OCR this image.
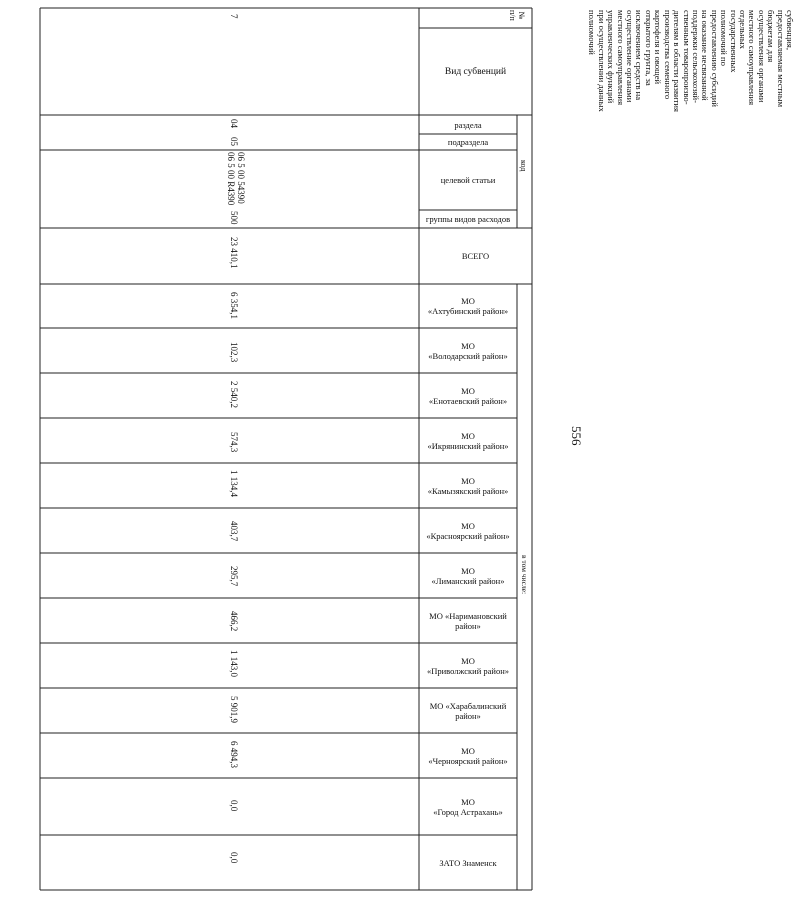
№
п/п
Вид субвенций
код
раздела
подраздела
целевой статьи
группы видов расходов
ВСЕГО
в том числе:
МО
«Ахтубинский район»
МО
«Володарский район»
МО
«Енотаевский район»
МО
«Икрянинский район»
МО
«Камызякский район»
МО
«Красноярский район»
МО
«Лиманский район»
МО «Наримановский
район»
МО
«Приволжский район»
МО «Харабалинский
район»
МО
«Черноярский район»
МО
«Город Астрахань»
ЗАТО Знаменск
7	субвенция, предоставляемая местным бюджетам для осуществления органами местного самоуправления отдельных государственных полномочий по предоставлению субсидий на оказание несвязанной поддержки сельскохозяй-ственным товаропроизво-дителям в области развития производства семенного картофеля и овощей открытого грунта, за исключением средств на осуществление органами местного самоуправления управленческих функций при осуществлении данных полномочий
04
05
06 5 00 54390
06 5 00 R4390
500
23 410,1
6 354,1
102,3
2 540,2
574,3
1 134,4
403,7
295,7
466,2
1 143,0
5 901,9
6 494,3
0,0
0,0
556
